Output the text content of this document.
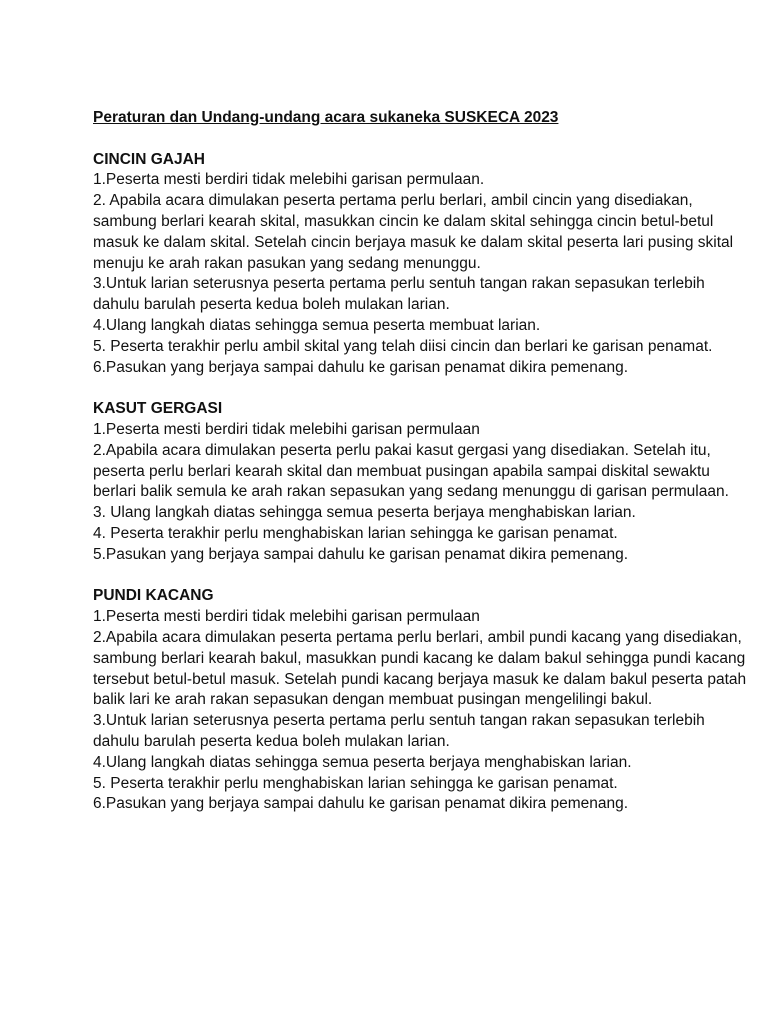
Peraturan dan Undang-undang acara sukaneka SUSKECA 2023
CINCIN GAJAH

1.Peserta mesti berdiri tidak melebihi garisan permulaan.

2. Apabila acara dimulakan peserta pertama perlu berlari, ambil cincin yang disediakan, sambung berlari kearah skital, masukkan cincin ke dalam skital sehingga cincin betul-betul masuk ke dalam skital. Setelah cincin berjaya masuk ke dalam skital peserta lari pusing skital menuju ke arah rakan pasukan yang sedang menunggu.

3.Untuk larian seterusnya peserta pertama perlu sentuh tangan rakan sepasukan terlebih dahulu barulah peserta kedua boleh mulakan larian.

4.Ulang langkah diatas sehingga semua peserta membuat larian.

5. Peserta terakhir perlu ambil skital yang telah diisi cincin dan berlari ke garisan penamat.

6.Pasukan yang berjaya sampai dahulu ke garisan penamat dikira pemenang.

KASUT GERGASI

1.Peserta mesti berdiri tidak melebihi garisan permulaan

2.Apabila acara dimulakan peserta perlu pakai kasut gergasi yang disediakan. Setelah itu, peserta perlu berlari kearah skital dan membuat pusingan apabila sampai diskital sewaktu berlari balik semula ke arah rakan sepasukan yang sedang menunggu di garisan permulaan.

3. Ulang langkah diatas sehingga semua peserta berjaya menghabiskan larian.

4. Peserta terakhir perlu menghabiskan larian sehingga ke garisan penamat.

5.Pasukan yang berjaya sampai dahulu ke garisan penamat dikira pemenang.

PUNDI KACANG

1.Peserta mesti berdiri tidak melebihi garisan permulaan

2.Apabila acara dimulakan peserta pertama perlu berlari, ambil pundi kacang yang disediakan, sambung berlari kearah bakul, masukkan pundi kacang ke dalam bakul sehingga pundi kacang tersebut betul-betul masuk. Setelah pundi kacang berjaya masuk ke dalam bakul peserta patah balik lari ke arah rakan sepasukan dengan membuat pusingan mengelilingi bakul.

3.Untuk larian seterusnya peserta pertama perlu sentuh tangan rakan sepasukan terlebih dahulu barulah peserta kedua boleh mulakan larian.

4.Ulang langkah diatas sehingga semua peserta berjaya menghabiskan larian.

5. Peserta terakhir perlu menghabiskan larian sehingga ke garisan penamat.

6.Pasukan yang berjaya sampai dahulu ke garisan penamat dikira pemenang.
